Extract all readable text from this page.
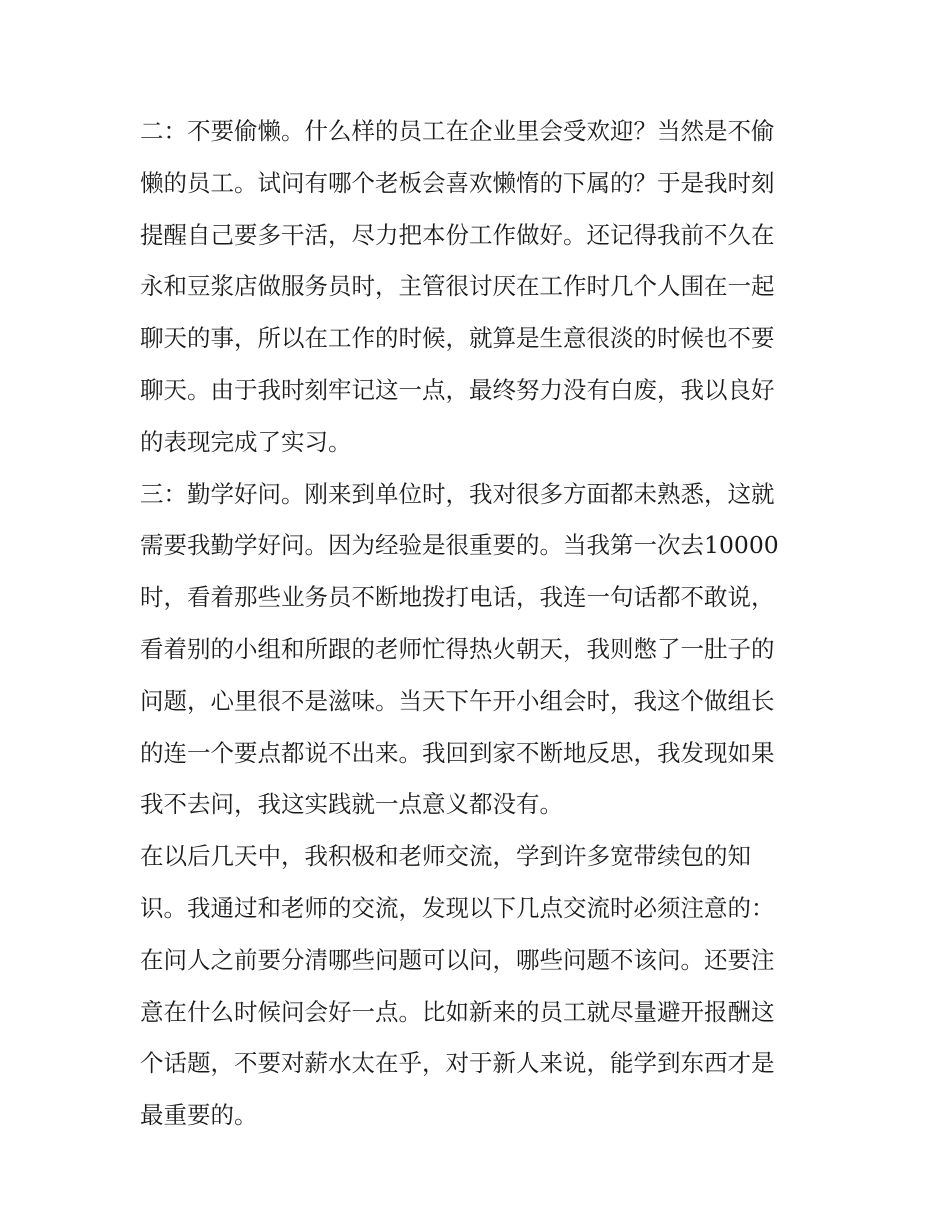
二：不要偷懒。什么样的员工在企业里会受欢迎？当然是不偷
懒的员工。试问有哪个老板会喜欢懒惰的下属的？于是我时刻
提醒自己要多干活，尽力把本份工作做好。还记得我前不久在
永和豆浆店做服务员时，主管很讨厌在工作时几个人围在一起
聊天的事，所以在工作的时候，就算是生意很淡的时候也不要
聊天。由于我时刻牢记这一点，最终努力没有白废，我以良好
的表现完成了实习。
三：勤学好问。刚来到单位时，我对很多方面都未熟悉，这就
需要我勤学好问。因为经验是很重要的。当我第一次去10000
时，看着那些业务员不断地拨打电话，我连一句话都不敢说，
看着别的小组和所跟的老师忙得热火朝天，我则憋了一肚子的
问题，心里很不是滋味。当天下午开小组会时，我这个做组长
的连一个要点都说不出来。我回到家不断地反思，我发现如果
我不去问，我这实践就一点意义都没有。
在以后几天中，我积极和老师交流，学到许多宽带续包的知
识。我通过和老师的交流，发现以下几点交流时必须注意的：
在问人之前要分清哪些问题可以问，哪些问题不该问。还要注
意在什么时候问会好一点。比如新来的员工就尽量避开报酬这
个话题，不要对薪水太在乎，对于新人来说，能学到东西才是
最重要的。
